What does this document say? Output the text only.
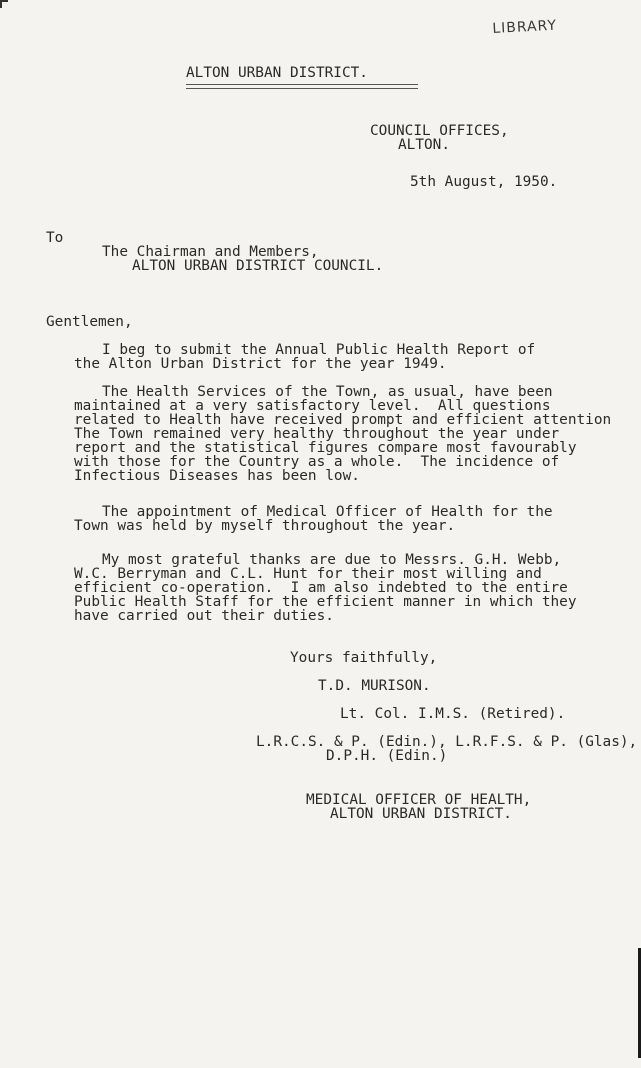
LIBRARY
ALTON URBAN DISTRICT.
COUNCIL OFFICES,
ALTON.
5th August, 1950.
To
The Chairman and Members,
ALTON URBAN DISTRICT COUNCIL.
Gentlemen,
I beg to submit the Annual Public Health Report of
the Alton Urban District for the year 1949.
The Health Services of the Town, as usual, have been
maintained at a very satisfactory level.  All questions
related to Health have received prompt and efficient attention
The Town remained very healthy throughout the year under
report and the statistical figures compare most favourably
with those for the Country as a whole.  The incidence of
Infectious Diseases has been low.
The appointment of Medical Officer of Health for the
Town was held by myself throughout the year.
My most grateful thanks are due to Messrs. G.H. Webb,
W.C. Berryman and C.L. Hunt for their most willing and
efficient co-operation.  I am also indebted to the entire
Public Health Staff for the efficient manner in which they
have carried out their duties.
Yours faithfully,
T.D. MURISON.
Lt. Col. I.M.S. (Retired).
L.R.C.S. & P. (Edin.), L.R.F.S. & P. (Glas),
D.P.H. (Edin.)
MEDICAL OFFICER OF HEALTH,
ALTON URBAN DISTRICT.
